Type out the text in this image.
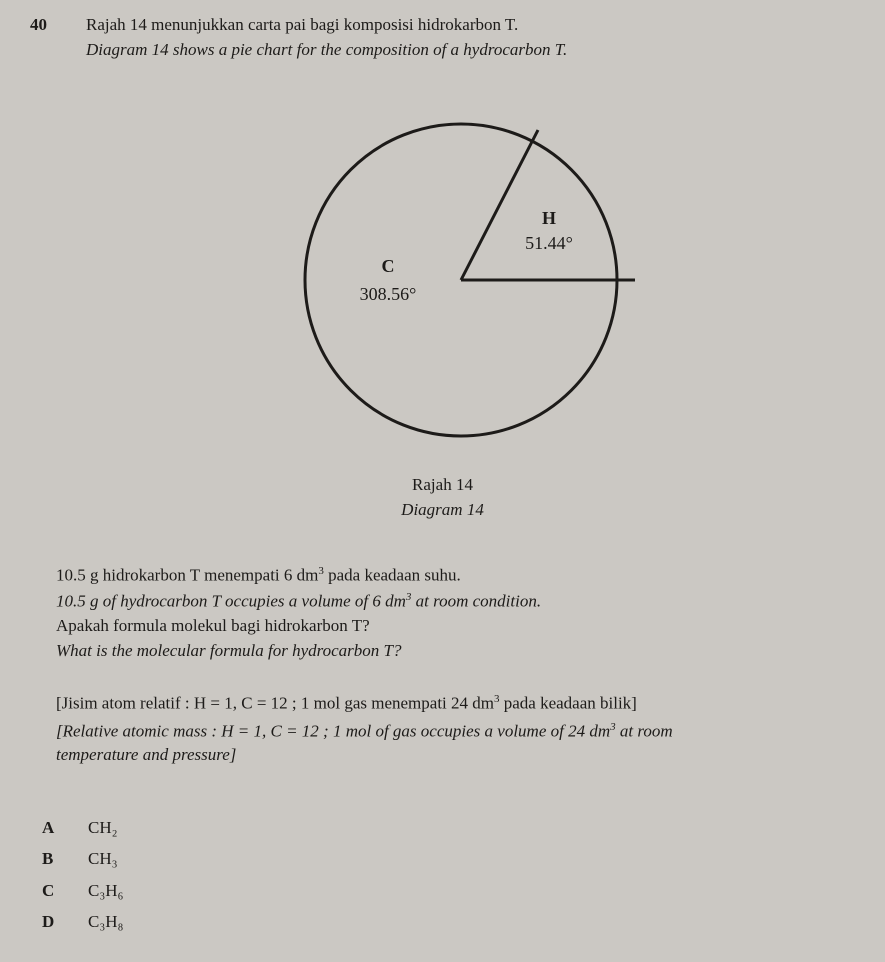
40 Rajah 14 menunjukkan carta pai bagi komposisi hidrokarbon T.
Diagram 14 shows a pie chart for the composition of a hydrocarbon T.
H
51.44°
C
308.56°
Rajah 14
Diagram 14
10.5 g hidrokarbon T menempati 6 $dm^3$ pada keadaan suhu.
10.5 g of hydrocarbon T occupies a volume of 6 $dm^3$ at room condition.
Apakah formula molekul bagi hidrokarbon T?
What is the molecular formula for hydrocarbon T?
[Jisim atom relatif : H = 1, C = 12 ; 1 mol gas menempati 24 $dm^3$ pada keadaan bilik]
[Relative atomic mass : H = 1, C = 12 ; 1 mol of gas occupies a volume of 24 $dm^3$ at room
temperature and pressure]
A CH₂
B CH₃
C C₃H₆
D C₃H₈
